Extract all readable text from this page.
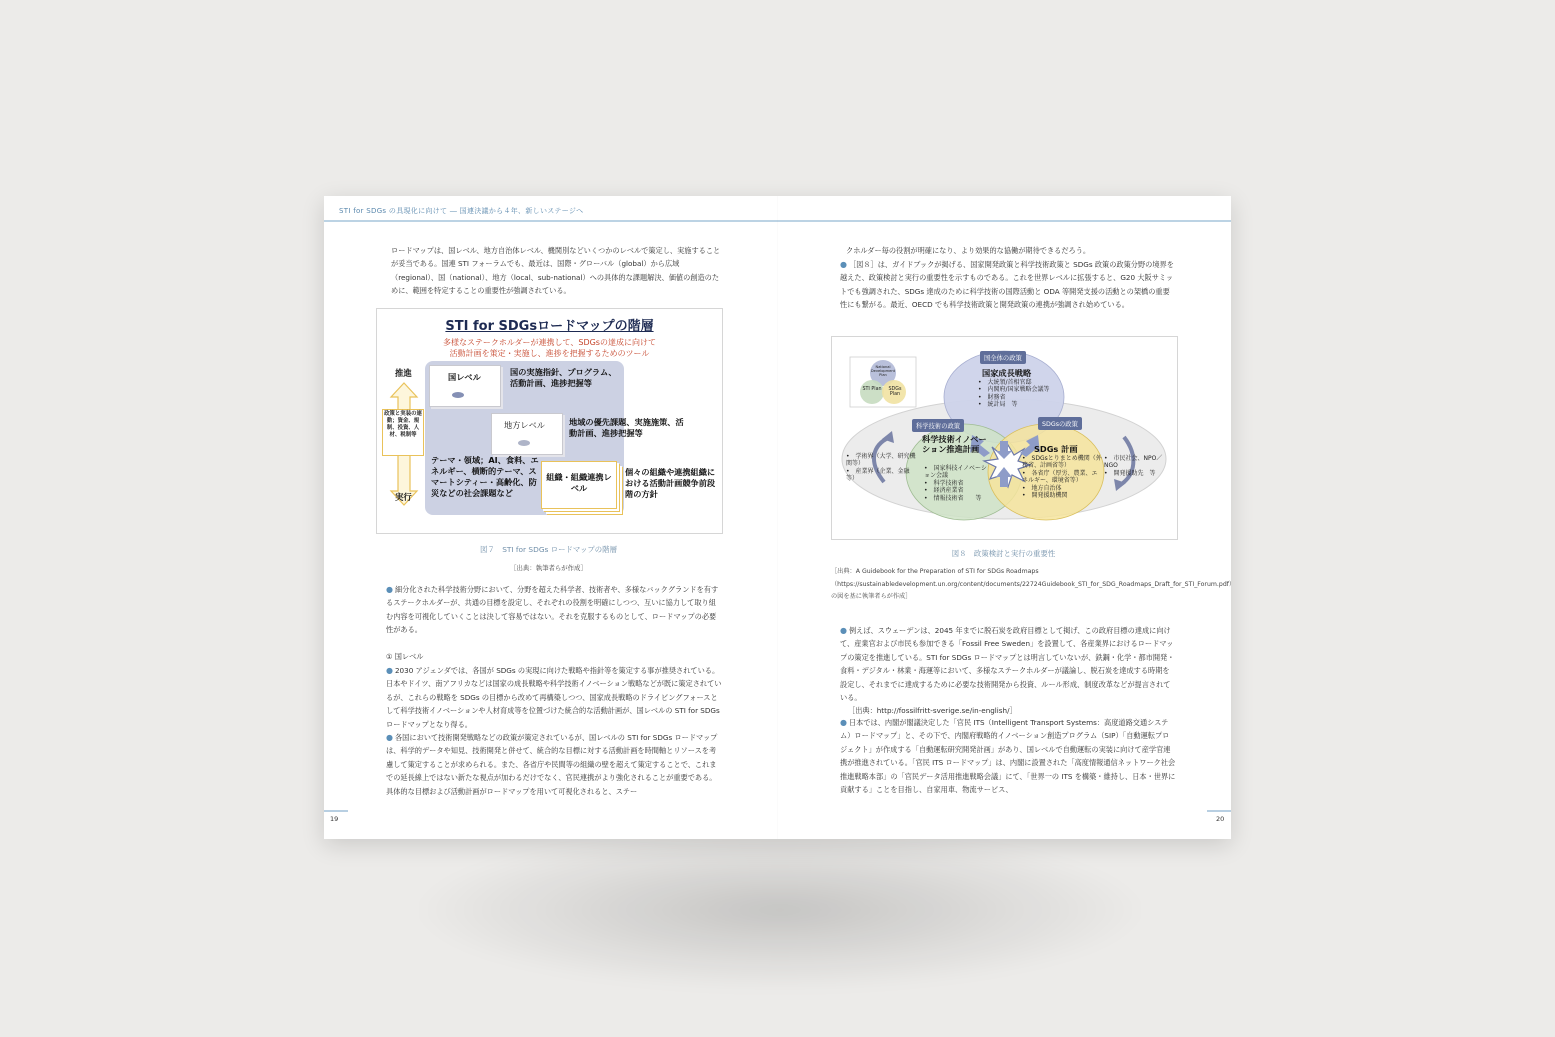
STI for SDGs の具現化に向けて ― 国連決議から４年、新しいステージへ
ロードマップは、国レベル、地方自治体レベル、機関別などいくつかのレベルで策定し、実施することが妥当である。国連 STI フォーラムでも、最近は、国際・グローバル（global）から広域（regional）、国（national）、地方（local、sub-national）への具体的な課題解決、価値の創造のために、範囲を特定することの重要性が強調されている。
STI for SDGsロードマップの階層
多様なステークホルダーが連携して、SDGsの達成に向けて
活動計画を策定・実施し、進捗を把握するためのツール
推進
政策と実装の連動；資金、規制、投資、人材、税制等
実行
国レベル	国の実施指針、プログラム、活動計画、進捗把握等
地方レベル	地域の優先課題、実施施策、活動計画、進捗把握等
組織・組織連携レベル
個々の組織や連携組織における活動計画競争前段階の方針
テーマ・領域；AI、食料、エネルギー、横断的テーマ、スマートシティー・高齢化、防災などの社会課題など
図７　STI for SDGs ロードマップの階層
［出典：執筆者らが作成］
● 細分化された科学技術分野において、分野を超えた科学者、技術者や、多様なバックグランドを有するステークホルダーが、共通の目標を設定し、それぞれの役割を明確にしつつ、互いに協力して取り組む内容を可視化していくことは決して容易ではない。それを克服するものとして、ロードマップの必要性がある。
① 国レベル
● 2030 アジェンダでは、各国が SDGs の実現に向けた戦略や指針等を策定する事が推奨されている。日本やドイツ、南アフリカなどは国家の成長戦略や科学技術イノベーション戦略などが既に策定されているが、これらの戦略を SDGs の目標から改めて再構築しつつ、国家成長戦略のドライビングフォースとして科学技術イノベーションや人材育成等を位置づけた統合的な活動計画が、国レベルの STI for SDGs ロードマップとなり得る。
● 各国において技術開発戦略などの政策が策定されているが、国レベルの STI for SDGs ロードマップは、科学的データや知見、技術開発と併せて、統合的な目標に対する活動計画を時間軸とリソースを考慮して策定することが求められる。また、各省庁や民間等の組織の壁を超えて策定することで、これまでの延長線上ではない新たな視点が加わるだけでなく、官民連携がより強化されることが重要である。具体的な目標および活動計画がロードマップを用いて可視化されると、ステー
19
クホルダー毎の役割が明確になり、より効果的な協働が期待できるだろう。
● ［図８］は、ガイドブックが掲げる、国家開発政策と科学技術政策と SDGs 政策の政策分野の境界を越えた、政策検討と実行の重要性を示すものである。これを世界レベルに拡張すると、G20 大阪サミットでも強調された、SDGs 達成のために科学技術の国際活動と ODA 等開発支援の活動との架橋の重要性にも繋がる。最近、OECD でも科学技術政策と開発政策の連携が強調され始めている。
National Development Plan
STI Plan	SDGs Plan
国全体の政策
科学技術の政策	SDGsの政策
国家成長戦略
•　大統領/首相官邸
•　内閣府/国家戦略会議等
•　財務省
•　統計局　等
科学技術イノベーション推進計画
•　国家科技イノベーション会議
•　科学技術省
•　経済産業省
•　情報技術省　　等
SDGs 計画
•　SDGsとりまとめ機関（外務省、計画省等）
•　各省庁（厚労、農業、エネルギー、環境省等）
•　地方自治体
•　開発援助機関
•　学術界（大学、研究機関等）
•　産業界（企業、金融等）
•　市民社会、NPO／NGO
•　開発援助先　等
図８　政策検討と実行の重要性
［出典：A Guidebook for the Preparation of STI for SDGs Roadmaps（https://sustainabledevelopment.un.org/content/documents/22724Guidebook_STI_for_SDG_Roadmaps_Draft_for_STI_Forum.pdf）の図を基に執筆者らが作成］
● 例えば、スウェーデンは、2045 年までに脱石炭を政府目標として掲げ、この政府目標の達成に向けて、産業官および市民も参加できる「Fossil Free Sweden」を設置して、各産業界におけるロードマップの策定を推進している。STI for SDGs ロードマップとは明言していないが、鉄鋼・化学・都市開発・食料・デジタル・林業・海運等において、多様なステークホルダーが議論し、脱石炭を達成する時期を設定し、それまでに達成するために必要な技術開発から投資、ルール形成、制度改革などが提言されている。
［出典：http://fossilfritt-sverige.se/in-english/］
● 日本では、内閣が閣議決定した「官民 ITS（Intelligent Transport Systems：高度道路交通システム）ロードマップ」と、その下で、内閣府戦略的イノベーション創造プログラム（SIP）「自動運転プロジェクト」が作成する「自動運転研究開発計画」があり、国レベルで自動運転の実装に向けて産学官連携が推進されている。「官民 ITS ロードマップ」は、内閣に設置された「高度情報通信ネットワーク社会推進戦略本部」の「官民データ活用推進戦略会議」にて、「世界一の ITS を構築・維持し、日本・世界に貢献する」ことを目指し、自家用車、物流サービス、
20
